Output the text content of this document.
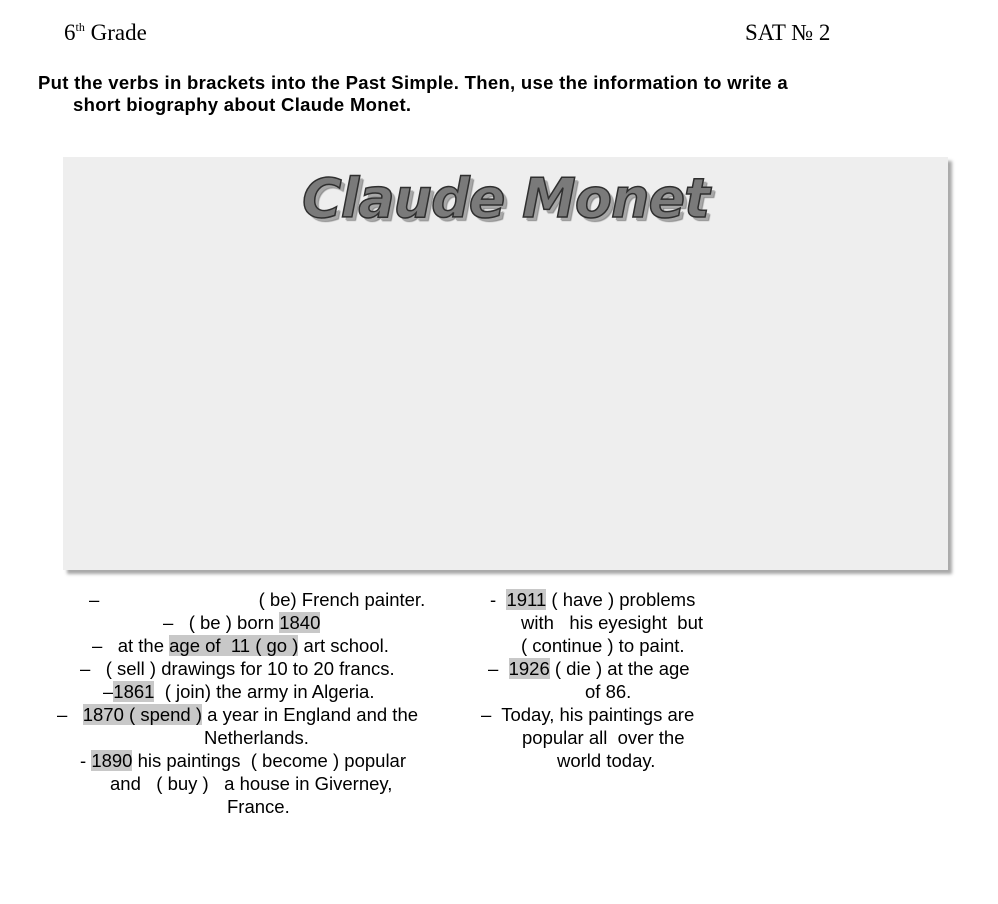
6th Grade	SAT № 2
Put the verbs in brackets into the Past Simple. Then, use the information to write a
short biography about Claude Monet.
Claude Monet
–                               ( be) French painter.
–   ( be ) born 1840
–   at the age of  11 ( go ) art school.
–   ( sell ) drawings for 10 to 20 francs.
–1861  ( join) the army in Algeria.
–   1870 ( spend ) a year in England and the
Netherlands.
- 1890 his paintings  ( become ) popular
and   ( buy )   a house in Giverney,
France.
-  1911 ( have ) problems
with   his eyesight  but
( continue ) to paint.
–  1926 ( die ) at the age
of 86.
–  Today, his paintings are
popular all  over the
world today.
